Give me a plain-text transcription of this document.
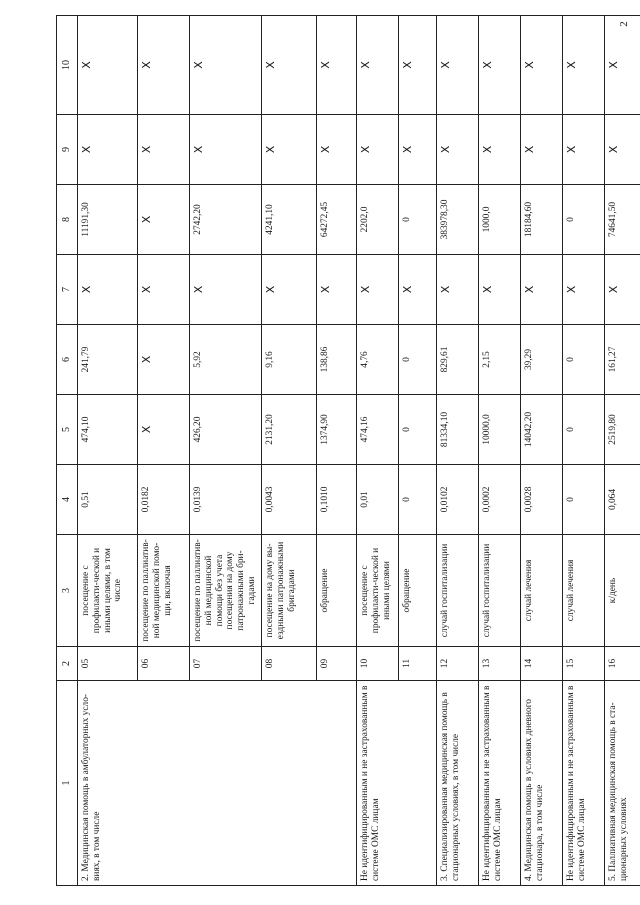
2
1	2	3	4	5	6	7	8	9	10
2. Медицинская помощь в амбулаторных усло-виях, в том числе	05	посещение с профилакти-ческой и иными целями, в том числе	0,51	474,10	241,79	X	11191,30	X	X
	06	посещение по паллиатив-ной медицинской помо-щи, включая	0,0182	X	X	X	X	X	X
	07	посещение по паллиатив-ной медицинской помощи без учета посещения на дому патронажными бри-гадами	0,0139	426,20	5,92	X	2742,20	X	X
	08	посещение на дому вы-ездными патронажными бригадами	0,0043	2131,20	9,16	X	4241,10	X	X
	09	обращение	0,1010	1374,90	138,86	X	64272,45	X	X
Не идентифицированным и не застрахованным в системе ОМС лицам	10	посещение с профилакти-ческой и иными целями	0,01	474,16	4,76	X	2202,0	X	X
	11	обращение	0	0	0	X	0	X	X
3. Специализированная медицинская помощь в стационарных условиях, в том числе	12	случай госпитализации	0,0102	81334,10	829,61	X	383978,30	X	X
Не идентифицированным и не застрахованным в системе ОМС лицам	13	случай госпитализации	0,0002	10000,0	2,15	X	1000,0	X	X
4. Медицинская помощь в условиях дневного стационара, в том числе	14	случай лечения	0,0028	14042,20	39,29	X	18184,60	X	X
Не идентифицированным и не застрахованным в системе ОМС лицам	15	случай лечения	0	0	0	X	0	X	X
5. Паллиативная медицинская помощь в ста-ционарных условиях	16	к/день	0,064	2519,80	161,27	X	74641,50	X	X
